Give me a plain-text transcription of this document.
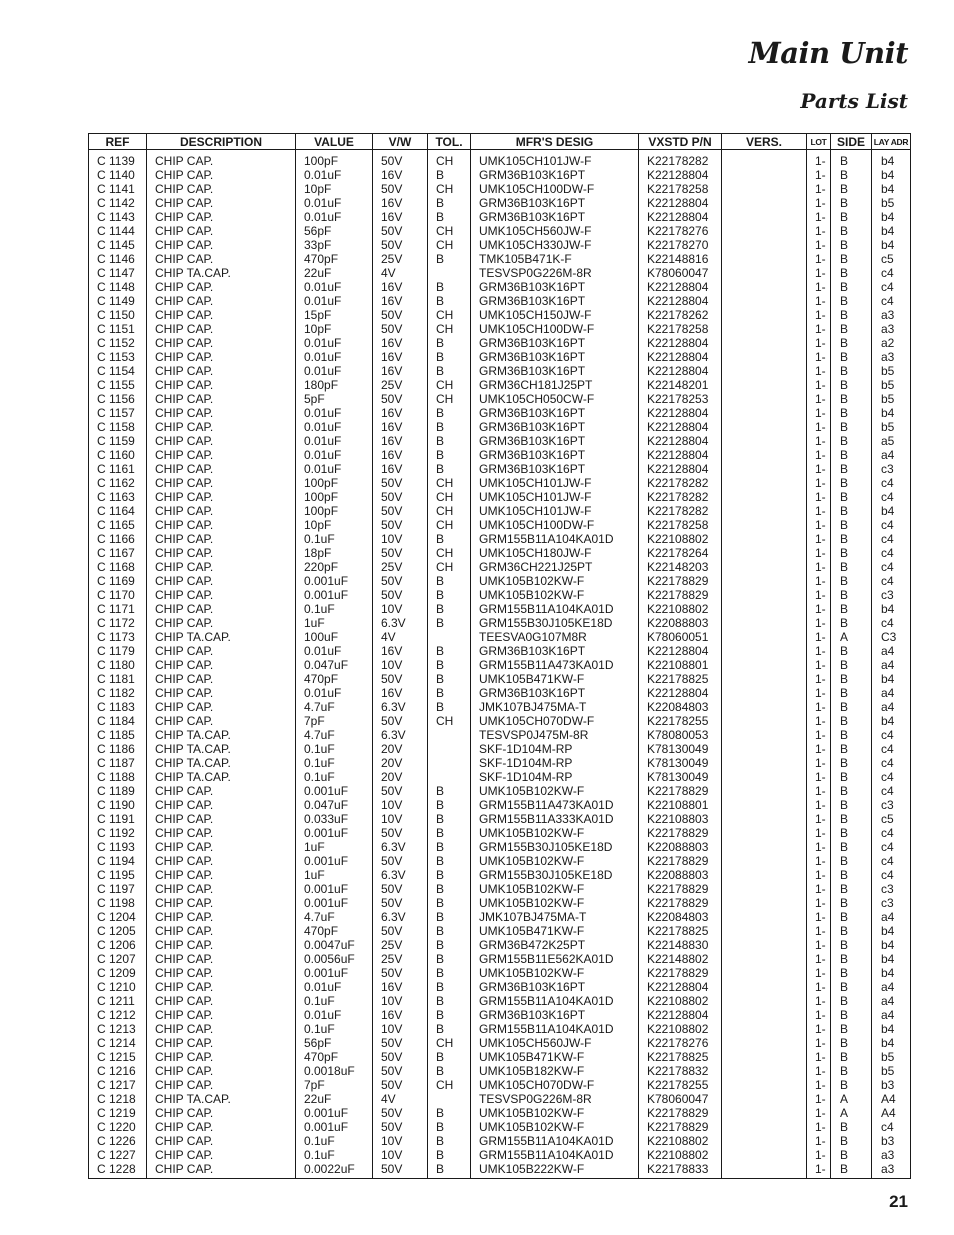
Main Unit
Parts List
REF	DESCRIPTION	VALUE	V/W	TOL.	MFR'S DESIG	VXSTD P/N	VERS.	LOT	SIDE	LAY ADR
C 1139	CHIP CAP.	100pF	50V	CH	UMK105CH101JW-F	K22178282		1-	B	b4
C 1140	CHIP CAP.	0.01uF	16V	B	GRM36B103K16PT	K22128804		1-	B	b4
C 1141	CHIP CAP.	10pF	50V	CH	UMK105CH100DW-F	K22178258		1-	B	b4
C 1142	CHIP CAP.	0.01uF	16V	B	GRM36B103K16PT	K22128804		1-	B	b5
C 1143	CHIP CAP.	0.01uF	16V	B	GRM36B103K16PT	K22128804		1-	B	b4
C 1144	CHIP CAP.	56pF	50V	CH	UMK105CH560JW-F	K22178276		1-	B	b4
C 1145	CHIP CAP.	33pF	50V	CH	UMK105CH330JW-F	K22178270		1-	B	b4
C 1146	CHIP CAP.	470pF	25V	B	TMK105B471K-F	K22148816		1-	B	c5
C 1147	CHIP TA.CAP.	22uF	4V		TESVSP0G226M-8R	K78060047		1-	B	c4
C 1148	CHIP CAP.	0.01uF	16V	B	GRM36B103K16PT	K22128804		1-	B	c4
C 1149	CHIP CAP.	0.01uF	16V	B	GRM36B103K16PT	K22128804		1-	B	c4
C 1150	CHIP CAP.	15pF	50V	CH	UMK105CH150JW-F	K22178262		1-	B	a3
C 1151	CHIP CAP.	10pF	50V	CH	UMK105CH100DW-F	K22178258		1-	B	a3
C 1152	CHIP CAP.	0.01uF	16V	B	GRM36B103K16PT	K22128804		1-	B	a2
C 1153	CHIP CAP.	0.01uF	16V	B	GRM36B103K16PT	K22128804		1-	B	a3
C 1154	CHIP CAP.	0.01uF	16V	B	GRM36B103K16PT	K22128804		1-	B	b5
C 1155	CHIP CAP.	180pF	25V	CH	GRM36CH181J25PT	K22148201		1-	B	b5
C 1156	CHIP CAP.	5pF	50V	CH	UMK105CH050CW-F	K22178253		1-	B	b5
C 1157	CHIP CAP.	0.01uF	16V	B	GRM36B103K16PT	K22128804		1-	B	b4
C 1158	CHIP CAP.	0.01uF	16V	B	GRM36B103K16PT	K22128804		1-	B	b5
C 1159	CHIP CAP.	0.01uF	16V	B	GRM36B103K16PT	K22128804		1-	B	a5
C 1160	CHIP CAP.	0.01uF	16V	B	GRM36B103K16PT	K22128804		1-	B	a4
C 1161	CHIP CAP.	0.01uF	16V	B	GRM36B103K16PT	K22128804		1-	B	c3
C 1162	CHIP CAP.	100pF	50V	CH	UMK105CH101JW-F	K22178282		1-	B	c4
C 1163	CHIP CAP.	100pF	50V	CH	UMK105CH101JW-F	K22178282		1-	B	c4
C 1164	CHIP CAP.	100pF	50V	CH	UMK105CH101JW-F	K22178282		1-	B	b4
C 1165	CHIP CAP.	10pF	50V	CH	UMK105CH100DW-F	K22178258		1-	B	c4
C 1166	CHIP CAP.	0.1uF	10V	B	GRM155B11A104KA01D	K22108802		1-	B	c4
C 1167	CHIP CAP.	18pF	50V	CH	UMK105CH180JW-F	K22178264		1-	B	c4
C 1168	CHIP CAP.	220pF	25V	CH	GRM36CH221J25PT	K22148203		1-	B	c4
C 1169	CHIP CAP.	0.001uF	50V	B	UMK105B102KW-F	K22178829		1-	B	c4
C 1170	CHIP CAP.	0.001uF	50V	B	UMK105B102KW-F	K22178829		1-	B	c3
C 1171	CHIP CAP.	0.1uF	10V	B	GRM155B11A104KA01D	K22108802		1-	B	b4
C 1172	CHIP CAP.	1uF	6.3V	B	GRM155B30J105KE18D	K22088803		1-	B	c4
C 1173	CHIP TA.CAP.	100uF	4V		TEESVA0G107M8R	K78060051		1-	A	C3
C 1179	CHIP CAP.	0.01uF	16V	B	GRM36B103K16PT	K22128804		1-	B	a4
C 1180	CHIP CAP.	0.047uF	10V	B	GRM155B11A473KA01D	K22108801		1-	B	a4
C 1181	CHIP CAP.	470pF	50V	B	UMK105B471KW-F	K22178825		1-	B	b4
C 1182	CHIP CAP.	0.01uF	16V	B	GRM36B103K16PT	K22128804		1-	B	a4
C 1183	CHIP CAP.	4.7uF	6.3V	B	JMK107BJ475MA-T	K22084803		1-	B	a4
C 1184	CHIP CAP.	7pF	50V	CH	UMK105CH070DW-F	K22178255		1-	B	b4
C 1185	CHIP TA.CAP.	4.7uF	6.3V		TESVSP0J475M-8R	K78080053		1-	B	c4
C 1186	CHIP TA.CAP.	0.1uF	20V		SKF-1D104M-RP	K78130049		1-	B	c4
C 1187	CHIP TA.CAP.	0.1uF	20V		SKF-1D104M-RP	K78130049		1-	B	c4
C 1188	CHIP TA.CAP.	0.1uF	20V		SKF-1D104M-RP	K78130049		1-	B	c4
C 1189	CHIP CAP.	0.001uF	50V	B	UMK105B102KW-F	K22178829		1-	B	c4
C 1190	CHIP CAP.	0.047uF	10V	B	GRM155B11A473KA01D	K22108801		1-	B	c3
C 1191	CHIP CAP.	0.033uF	10V	B	GRM155B11A333KA01D	K22108803		1-	B	c5
C 1192	CHIP CAP.	0.001uF	50V	B	UMK105B102KW-F	K22178829		1-	B	c4
C 1193	CHIP CAP.	1uF	6.3V	B	GRM155B30J105KE18D	K22088803		1-	B	c4
C 1194	CHIP CAP.	0.001uF	50V	B	UMK105B102KW-F	K22178829		1-	B	c4
C 1195	CHIP CAP.	1uF	6.3V	B	GRM155B30J105KE18D	K22088803		1-	B	c4
C 1197	CHIP CAP.	0.001uF	50V	B	UMK105B102KW-F	K22178829		1-	B	c3
C 1198	CHIP CAP.	0.001uF	50V	B	UMK105B102KW-F	K22178829		1-	B	c3
C 1204	CHIP CAP.	4.7uF	6.3V	B	JMK107BJ475MA-T	K22084803		1-	B	a4
C 1205	CHIP CAP.	470pF	50V	B	UMK105B471KW-F	K22178825		1-	B	b4
C 1206	CHIP CAP.	0.0047uF	25V	B	GRM36B472K25PT	K22148830		1-	B	b4
C 1207	CHIP CAP.	0.0056uF	25V	B	GRM155B11E562KA01D	K22148802		1-	B	b4
C 1209	CHIP CAP.	0.001uF	50V	B	UMK105B102KW-F	K22178829		1-	B	b4
C 1210	CHIP CAP.	0.01uF	16V	B	GRM36B103K16PT	K22128804		1-	B	a4
C 1211	CHIP CAP.	0.1uF	10V	B	GRM155B11A104KA01D	K22108802		1-	B	a4
C 1212	CHIP CAP.	0.01uF	16V	B	GRM36B103K16PT	K22128804		1-	B	a4
C 1213	CHIP CAP.	0.1uF	10V	B	GRM155B11A104KA01D	K22108802		1-	B	b4
C 1214	CHIP CAP.	56pF	50V	CH	UMK105CH560JW-F	K22178276		1-	B	b4
C 1215	CHIP CAP.	470pF	50V	B	UMK105B471KW-F	K22178825		1-	B	b5
C 1216	CHIP CAP.	0.0018uF	50V	B	UMK105B182KW-F	K22178832		1-	B	b5
C 1217	CHIP CAP.	7pF	50V	CH	UMK105CH070DW-F	K22178255		1-	B	b3
C 1218	CHIP TA.CAP.	22uF	4V		TESVSP0G226M-8R	K78060047		1-	A	A4
C 1219	CHIP CAP.	0.001uF	50V	B	UMK105B102KW-F	K22178829		1-	A	A4
C 1220	CHIP CAP.	0.001uF	50V	B	UMK105B102KW-F	K22178829		1-	B	c4
C 1226	CHIP CAP.	0.1uF	10V	B	GRM155B11A104KA01D	K22108802		1-	B	b3
C 1227	CHIP CAP.	0.1uF	10V	B	GRM155B11A104KA01D	K22108802		1-	B	a3
C 1228	CHIP CAP.	0.0022uF	50V	B	UMK105B222KW-F	K22178833		1-	B	a3
21
